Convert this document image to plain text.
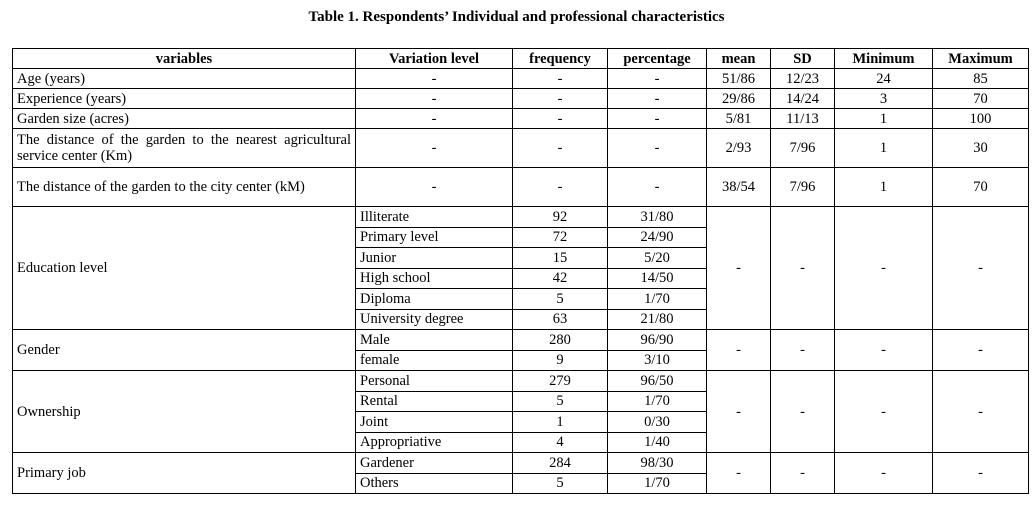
Table 1. Respondents’ Individual and professional characteristics
variables	Variation level	frequency	percentage	mean	SD	Minimum	Maximum
Age (years)	-	-	-	51/86	12/23	24	85
Experience (years)	-	-	-	29/86	14/24	3	70
Garden size (acres)	-	-	-	5/81	11/13	1	100
The distance of the garden to the nearest agricultural service center (Km)	-	-	-	2/93	7/96	1	30
The distance of the garden to the city center (kM)	-	-	-	38/54	7/96	1	70
Education level	Illiterate	92	31/80	-	-	-	-
	Primary level	72	24/90				
	Junior	15	5/20				
	High school	42	14/50				
	Diploma	5	1/70				
	University degree	63	21/80				
Gender	Male	280	96/90	-	-	-	-
	female	9	3/10				
Ownership	Personal	279	96/50	-	-	-	-
	Rental	5	1/70				
	Joint	1	0/30				
	Appropriative	4	1/40				
Primary job	Gardener	284	98/30	-	-	-	-
	Others	5	1/70				
